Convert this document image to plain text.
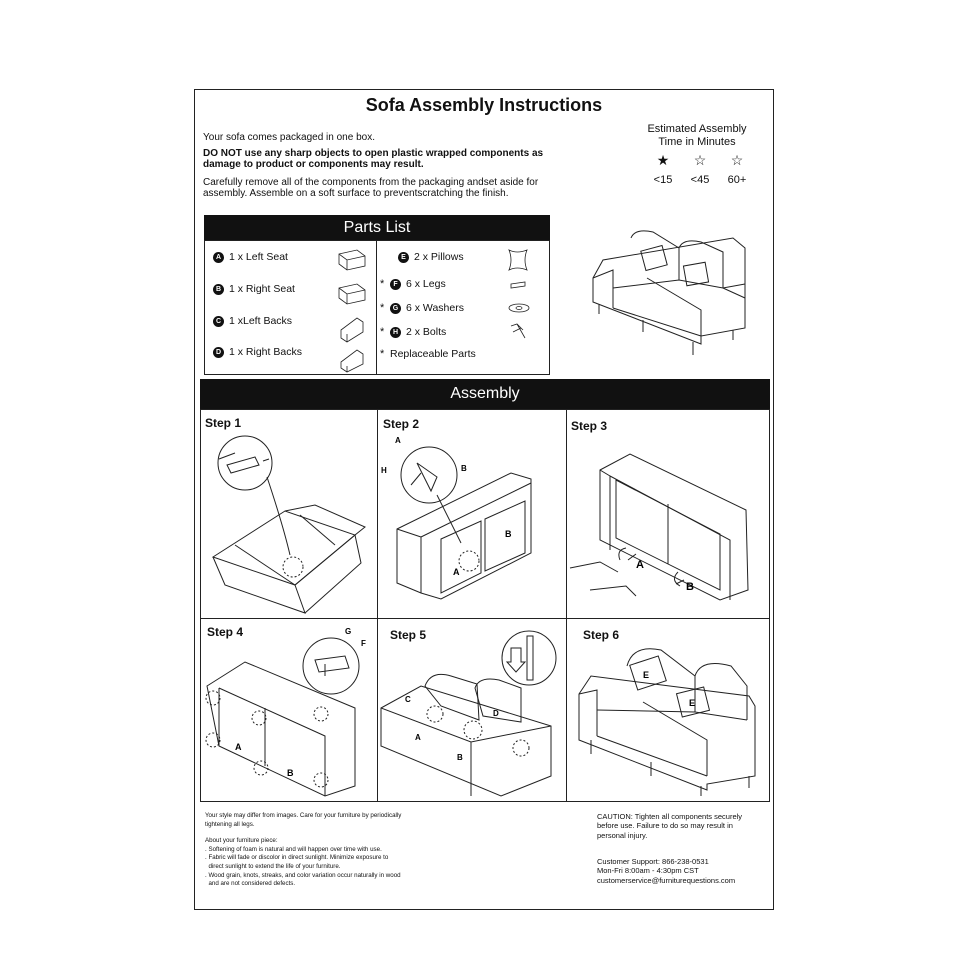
Sofa Assembly Instructions

Your sofa comes packaged in one box.

DO NOT use any sharp objects to open plastic wrapped components as damage to product or components may result.

Carefully remove all of the components from the packaging andset aside for assembly. Assemble on a soft surface to preventscratching the finish.

Estimated Assembly Time in Minutes
★	☆	☆
<15	<45	60+
Parts List
A 1 x Left Seat
B 1 x Right Seat
C 1 xLeft Backs
D 1 x Right Backs
E 2 x Pillows
*	F 6 x Legs
*	G 6 x Washers
*	H 2 x Bolts
* Replaceable Parts
Assembly
Step 1	Step 2	Step 3
Step 4	Step 5	Step 6
A
H	B
B
A
A
B
G
F
A
B
C
D
A
B
E
E

Your style may differ from images. Care for your furniture by periodically

tightening all legs.

About your furniture piece:

. Softening of foam is natural and will happen over time with use.

. Fabric will fade or discolor in direct sunlight. Minimize exposure to

direct sunlight to extend the life of your furniture.

. Wood grain, knots, streaks, and color variation occur naturally in wood

and are not considered defects.

CAUTION: Tighten all components securely

before use. Failure to do so may result in

personal injury.

Customer Support: 866-238-0531

Mon-Fri 8:00am - 4:30pm CST

customerservice@furniturequestions.com
